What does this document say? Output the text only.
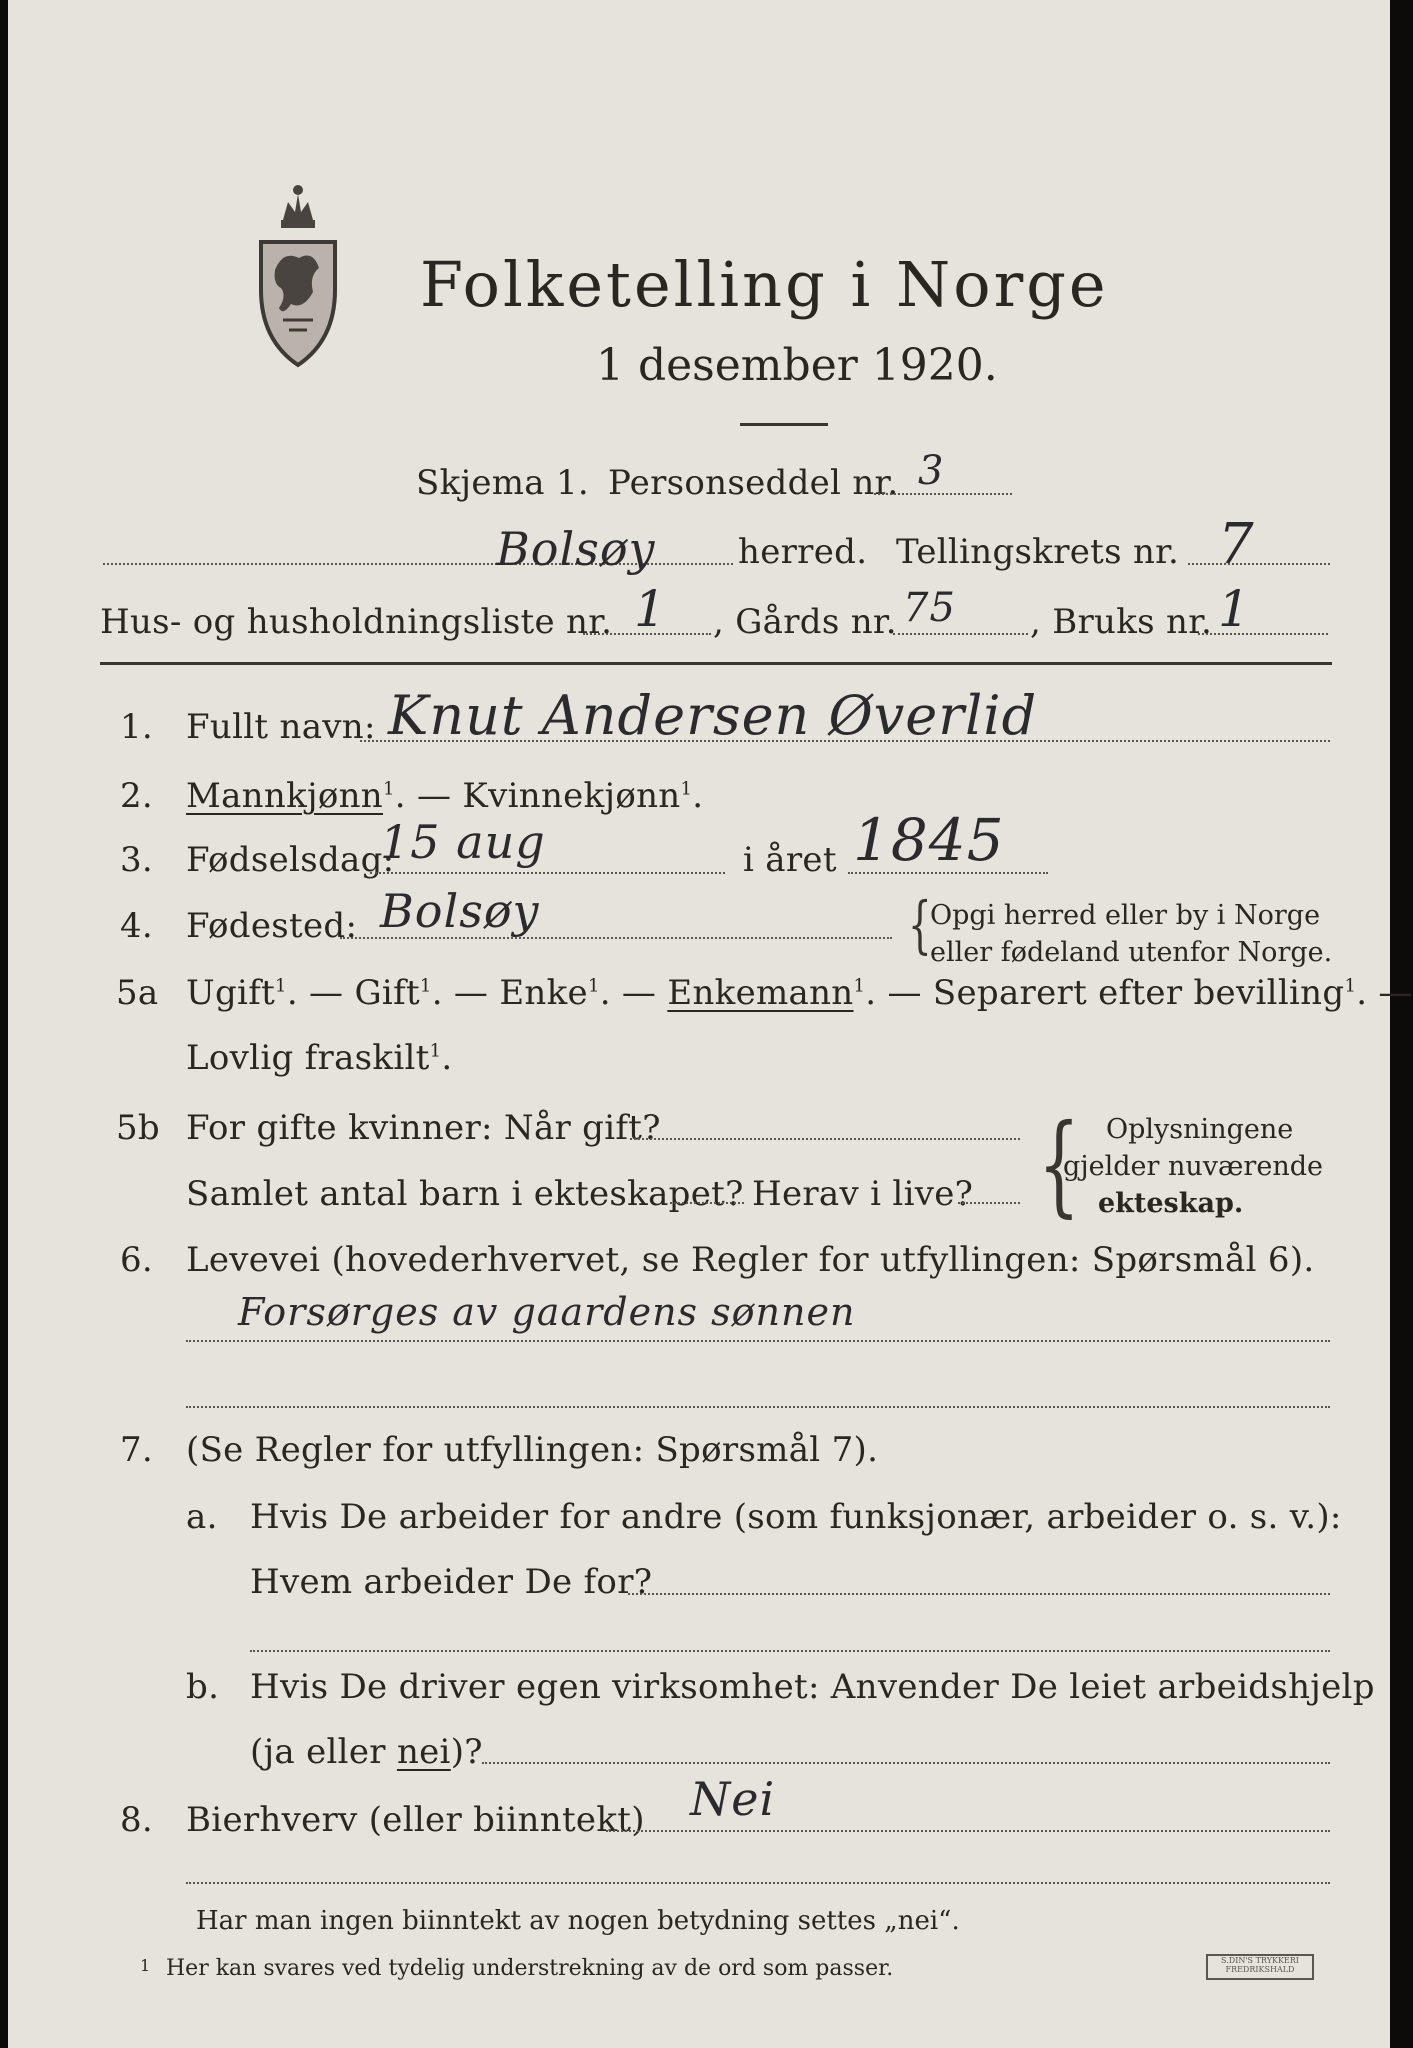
Folketelling i Norge
1 desember 1920.
Skjema 1. Personseddel nr. 3
Bolsøy herred. Tellingskrets nr. 7
Hus- og husholdningsliste nr. 1 , Gårds nr. 75 , Bruks nr. 1
1. Fullt navn: Knut Andersen Øverlid
2. Mannkjønn$^1$. — Kvinnekjønn$^1$.
3. Fødselsdag:
15 aug	i året 1845
4. Fødested: Bolsøy	{
Opgi herred eller by i Norge
eller fødeland utenfor Norge.
5a Ugift$^1$. — Gift$^1$. — Enke$^1$. — Enkemann$^1$. — Separert efter bevilling$^1$. —
Lovlig fraskilt$^1$.
5b For gifte kvinner: Når gift?
Samlet antal barn i ekteskapet? Herav i live? { Oplysningene
gjelder nuværende
ekteskap.
6. Levevei (hovederhvervet, se Regler for utfyllingen: Spørsmål 6).
Forsørges av gaardens sønnen
7. (Se Regler for utfyllingen: Spørsmål 7).
a. Hvis De arbeider for andre (som funksjonær, arbeider o. s. v.):
Hvem arbeider De for?
b. Hvis De driver egen virksomhet: Anvender De leiet arbeidshjelp
(ja eller nei)?
8. Bierhverv (eller biinntekt) Nei
Har man ingen biinntekt av nogen betydning settes „nei“.
1 Her kan svares ved tydelig understrekning av de ord som passer.	S.DIN'S TRYKKERI
FREDRIKSHALD
